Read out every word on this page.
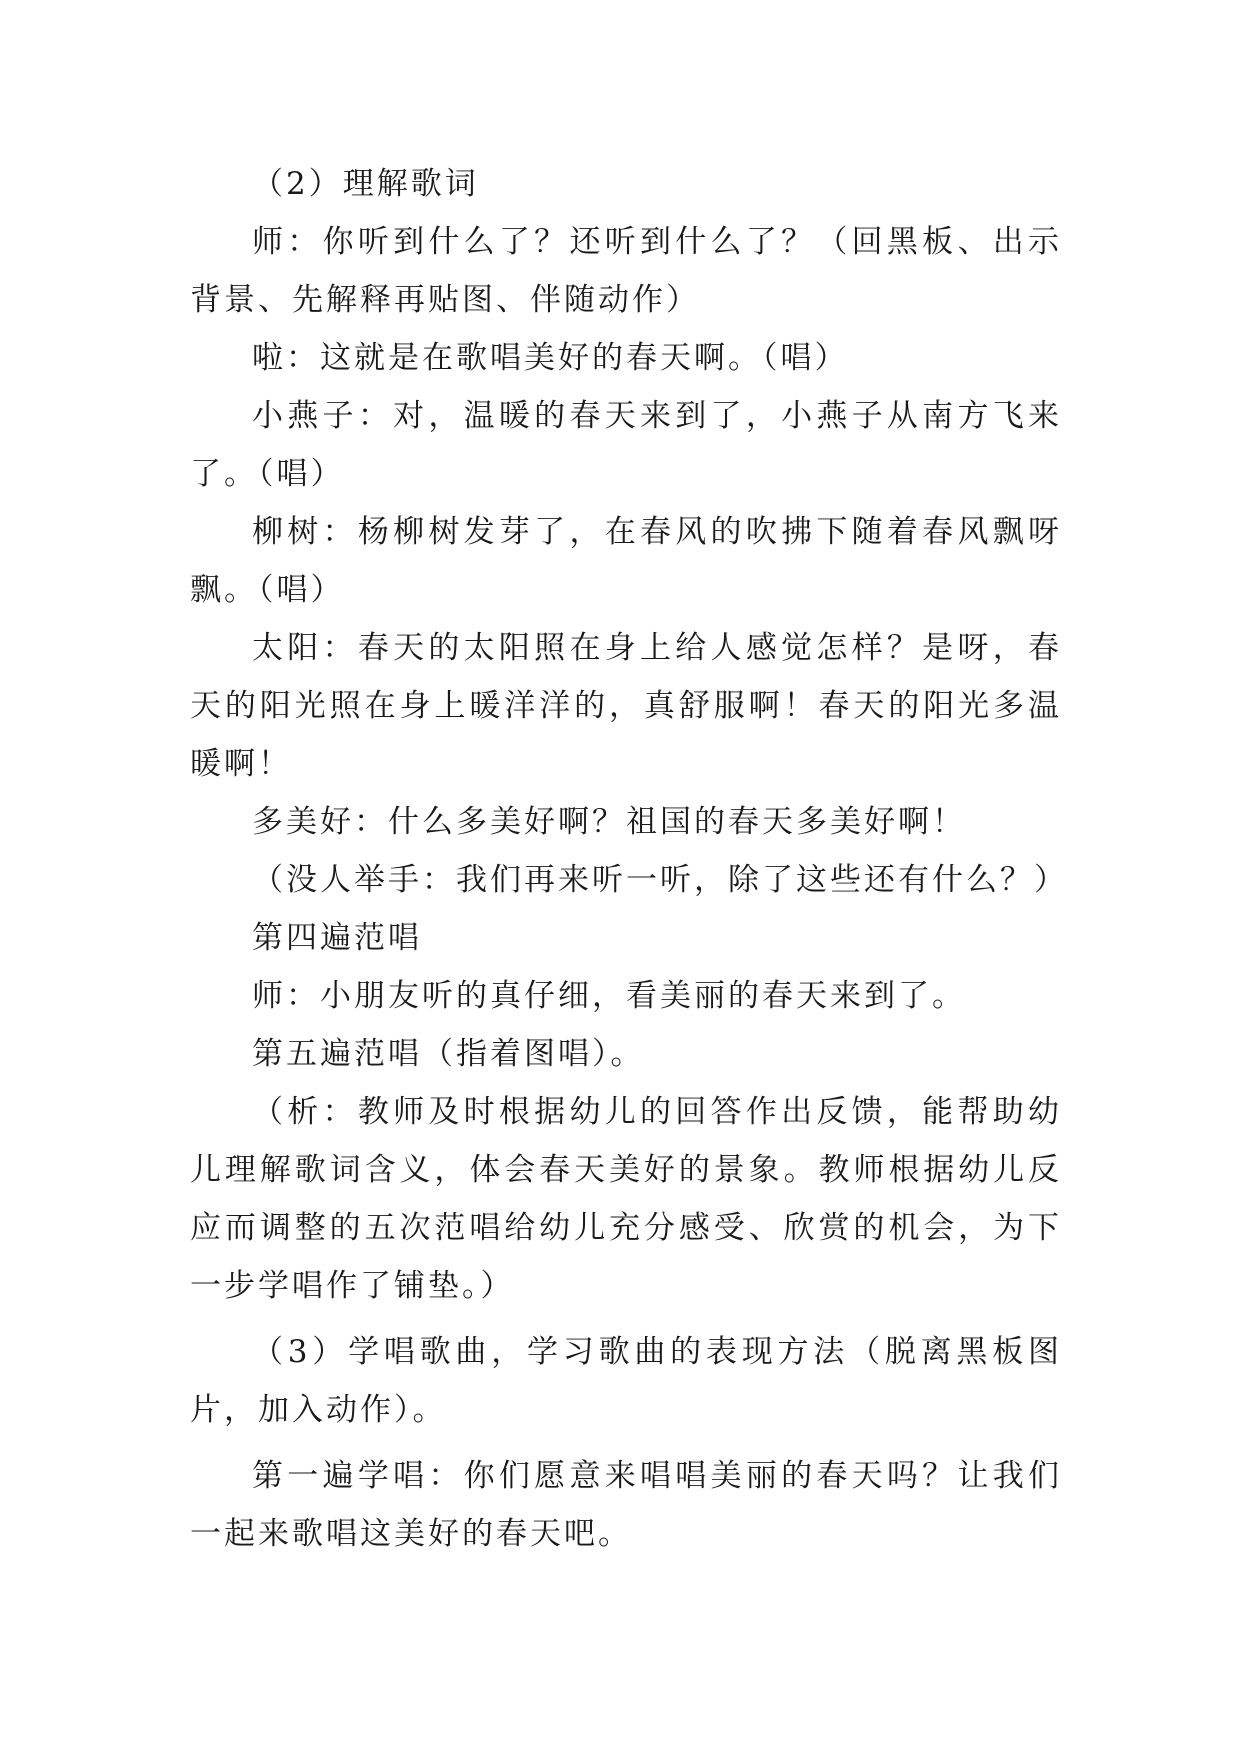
（2）理解歌词

师：你听到什么了？还听到什么了？（回黑板、出示背景、先解释再贴图、伴随动作）

啦：这就是在歌唱美好的春天啊。（唱）

小燕子：对，温暖的春天来到了，小燕子从南方飞来了。（唱）

柳树：杨柳树发芽了，在春风的吹拂下随着春风飘呀飘。（唱）

太阳：春天的太阳照在身上给人感觉怎样？是呀，春天的阳光照在身上暖洋洋的，真舒服啊！春天的阳光多温暖啊！

多美好：什么多美好啊？祖国的春天多美好啊！

（没人举手：我们再来听一听，除了这些还有什么？）

第四遍范唱

师：小朋友听的真仔细，看美丽的春天来到了。

第五遍范唱（指着图唱）。

（析：教师及时根据幼儿的回答作出反馈，能帮助幼儿理解歌词含义，体会春天美好的景象。教师根据幼儿反应而调整的五次范唱给幼儿充分感受、欣赏的机会，为下一步学唱作了铺垫。）

（3）学唱歌曲，学习歌曲的表现方法（脱离黑板图片，加入动作）。

第一遍学唱：你们愿意来唱唱美丽的春天吗？让我们一起来歌唱这美好的春天吧。
